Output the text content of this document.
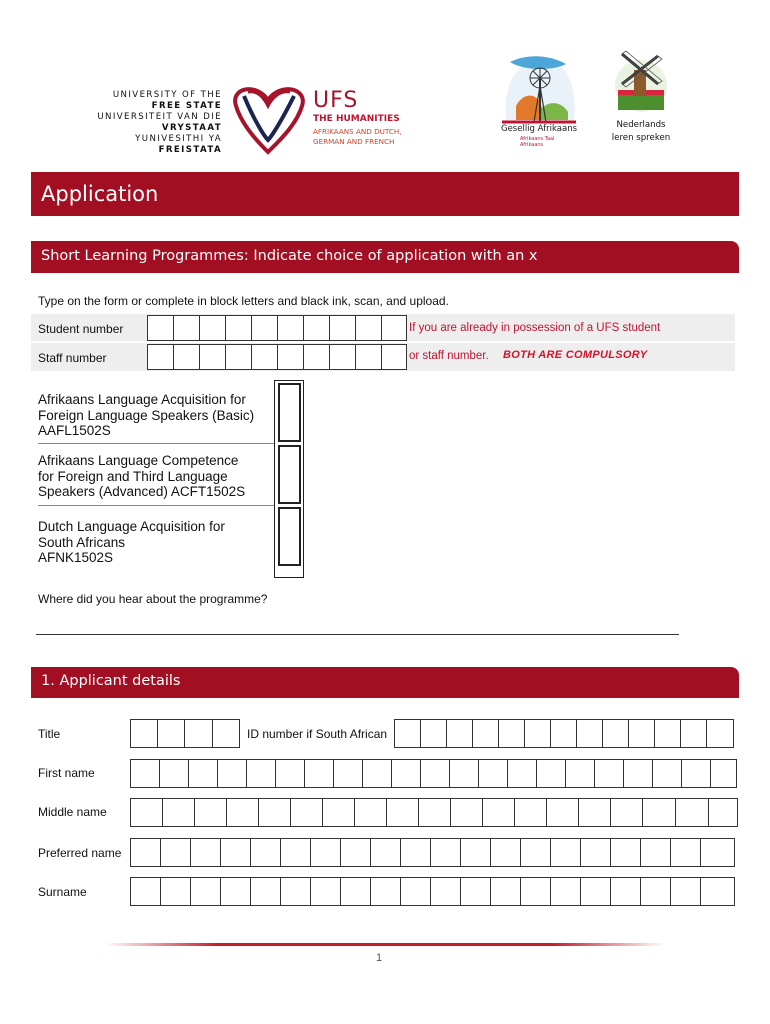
UNIVERSITY OF THE
FREE STATE
UNIVERSITEIT VAN DIE
VRYSTAAT
YUNIVESITHI YA
FREISTATA
UFS
THE HUMANITIES
AFRIKAANS AND DUTCH,
GERMAN AND FRENCH
Gesellig Afrikaans
Afrikaans Taal
Afrikaans
Nederlands
leren spreken
Application
Short Learning Programmes: Indicate choice of application with an x
Type on the form or complete in block letters and black ink, scan, and upload.
Student number
Staff number
If you are already in possession of a UFS student
or staff number. BOTH ARE COMPULSORY
Afrikaans Language Acquisition for
Foreign Language Speakers (Basic)
AAFL1502S
Afrikaans Language Competence
for Foreign and Third Language
Speakers (Advanced) ACFT1502S
Dutch Language Acquisition for
South Africans
AFNK1502S
Where did you hear about the programme?
1. Applicant details
Title	ID number if South African
First name
Middle name
Preferred name
Surname
1
